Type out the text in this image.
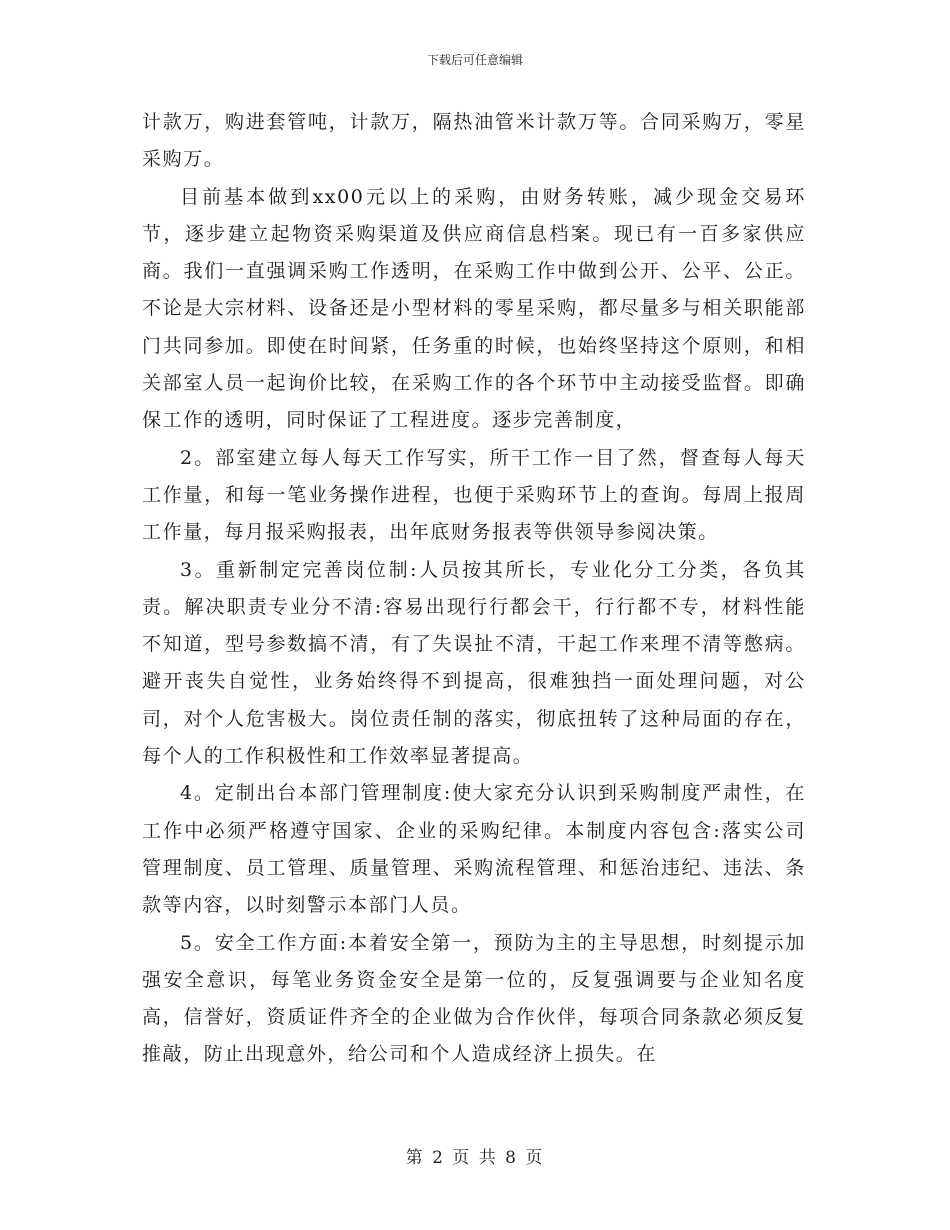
下载后可任意编辑

计款万，购进套管吨，计款万，隔热油管米计款万等。合同采购万，零星采购万。

目前基本做到xx00元以上的采购，由财务转账，减少现金交易环节，逐步建立起物资采购渠道及供应商信息档案。现已有一百多家供应商。我们一直强调采购工作透明，在采购工作中做到公开、公平、公正。不论是大宗材料、设备还是小型材料的零星采购，都尽量多与相关职能部门共同参加。即使在时间紧，任务重的时候，也始终坚持这个原则，和相关部室人员一起询价比较，在采购工作的各个环节中主动接受监督。即确保工作的透明，同时保证了工程进度。逐步完善制度，

2。部室建立每人每天工作写实，所干工作一目了然，督查每人每天工作量，和每一笔业务操作进程，也便于采购环节上的查询。每周上报周工作量，每月报采购报表，出年底财务报表等供领导参阅决策。

3。重新制定完善岗位制:人员按其所长，专业化分工分类，各负其责。解决职责专业分不清:容易出现行行都会干，行行都不专，材料性能不知道，型号参数搞不清，有了失误扯不清，干起工作来理不清等憋病。避开丧失自觉性，业务始终得不到提高，很难独挡一面处理问题，对公司，对个人危害极大。岗位责任制的落实，彻底扭转了这种局面的存在，每个人的工作积极性和工作效率显著提高。

4。定制出台本部门管理制度:使大家充分认识到采购制度严肃性，在工作中必须严格遵守国家、企业的采购纪律。本制度内容包含:落实公司管理制度、员工管理、质量管理、采购流程管理、和惩治违纪、违法、条款等内容，以时刻警示本部门人员。

5。安全工作方面:本着安全第一，预防为主的主导思想，时刻提示加强安全意识，每笔业务资金安全是第一位的，反复强调要与企业知名度高，信誉好，资质证件齐全的企业做为合作伙伴，每项合同条款必须反复推敲，防止出现意外，给公司和个人造成经济上损失。在

第 2 页 共 8 页
